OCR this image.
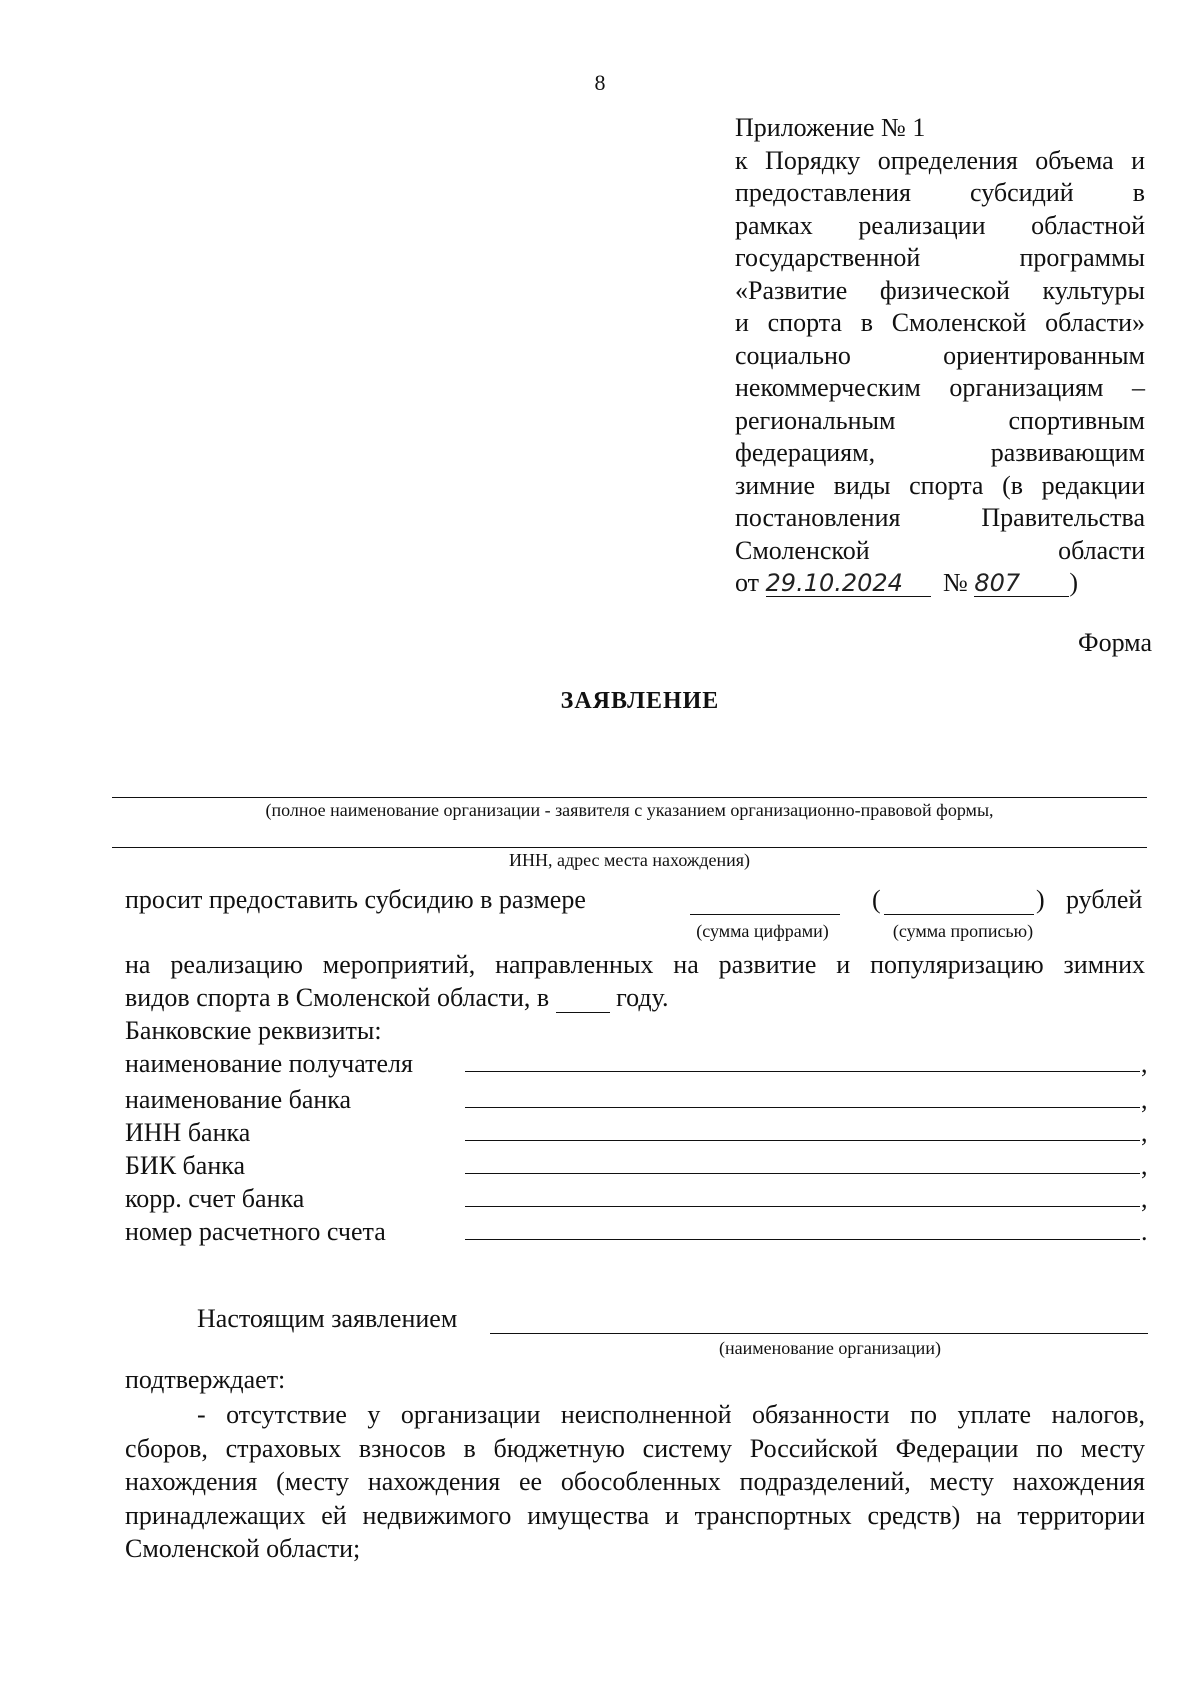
8
Приложение № 1
к Порядку определения объема и
предоставления субсидий в
рамках реализации областной
государственной программы
«Развитие физической культуры
и спорта в Смоленской области»
социально ориентированным
некоммерческим организациям –
региональным спортивным
федерациям, развивающим
зимние виды спорта (в редакции
постановления Правительства
Смоленской области
от 29.10.2024 № 807 )
Форма
ЗАЯВЛЕНИЕ
(полное наименование организации - заявителя с указанием организационно-правовой формы,
ИНН, адрес места нахождения)
просит предоставить субсидию в размере	(	) рублей
(сумма цифрами)	(сумма прописью)
на реализацию мероприятий, направленных на развитие и популяризацию зимних
видов спорта в Смоленской области, в	году.
Банковские реквизиты:
наименование получателя	,
наименование банка	,
ИНН банка	,
БИК банка	,
корр. счет банка	,
номер расчетного счета	.
Настоящим заявлением
(наименование организации)
подтверждает:
- отсутствие у организации неисполненной обязанности по уплате налогов,
сборов, страховых взносов в бюджетную систему Российской Федерации по месту
нахождения (месту нахождения ее обособленных подразделений, месту нахождения
принадлежащих ей недвижимого имущества и транспортных средств) на территории
Смоленской области;
